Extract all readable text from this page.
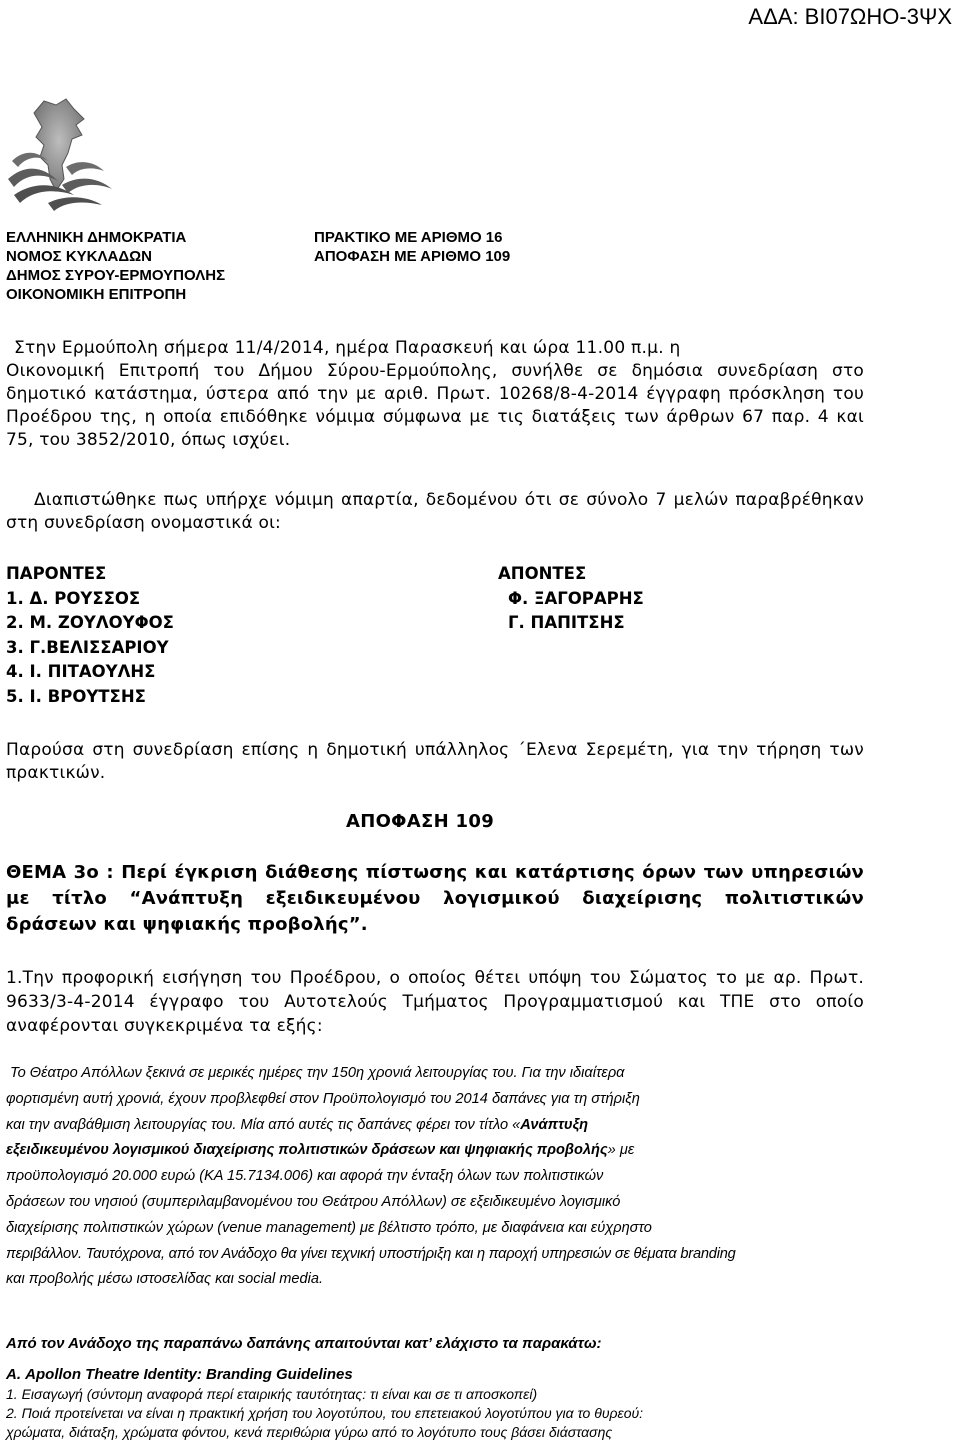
ΑΔΑ: ΒΙ07ΩΗΟ-3ΨΧ
ΕΛΛΗΝΙΚΗ ΔΗΜΟΚΡΑΤΙΑ
ΝΟΜΟΣ ΚΥΚΛΑΔΩΝ
ΔΗΜΟΣ ΣΥΡΟΥ-ΕΡΜΟΥΠΟΛΗΣ
ΟΙΚΟΝΟΜΙΚΗ ΕΠΙΤΡΟΠΗ
ΠΡΑΚΤΙΚΟ ΜΕ ΑΡΙΘΜΟ 16
ΑΠΟΦΑΣΗ ΜΕ ΑΡΙΘΜΟ 109
Στην Ερμούπολη σήμερα 11/4/2014, ημέρα Παρασκευή και ώρα 11.00 π.μ. η
Οικονομική Επιτροπή του Δήμου Σύρου-Ερμούπολης, συνήλθε σε δημόσια συνεδρίαση στο δημοτικό κατάστημα, ύστερα από την με αριθ. Πρωτ. 10268/8-4-2014 έγγραφη πρόσκληση του Προέδρου της, η οποία επιδόθηκε νόμιμα σύμφωνα με τις διατάξεις των άρθρων 67 παρ. 4 και 75, του 3852/2010, όπως ισχύει.
Διαπιστώθηκε πως υπήρχε νόμιμη απαρτία, δεδομένου ότι σε σύνολο 7 μελών παραβρέθηκαν στη συνεδρίαση ονομαστικά οι:
ΠΑΡΟΝΤΕΣ
1. Δ. ΡΟΥΣΣΟΣ
2. Μ. ΖΟΥΛΟΥΦΟΣ
3. Γ.ΒΕΛΙΣΣΑΡΙΟΥ
4. Ι. ΠΙΤΑΟΥΛΗΣ
5. Ι. ΒΡΟΥΤΣΗΣ
ΑΠΟΝΤΕΣ
Φ. ΞΑΓΟΡΑΡΗΣ
Γ. ΠΑΠΙΤΣΗΣ
Παρούσα στη συνεδρίαση επίσης η δημοτική υπάλληλος ΄Ελενα Σερεμέτη, για την τήρηση των πρακτικών.
ΑΠΟΦΑΣΗ 109
ΘΕΜΑ 3ο : Περί έγκριση διάθεσης πίστωσης και κατάρτισης όρων των υπηρεσιών με τίτλο “Ανάπτυξη εξειδικευμένου λογισμικού διαχείρισης πολιτιστικών δράσεων και ψηφιακής προβολής”.
1.Την προφορική εισήγηση του Προέδρου, ο οποίος θέτει υπόψη του Σώματος το με αρ. Πρωτ. 9633/3-4-2014 έγγραφο του Αυτοτελούς Τμήματος Προγραμματισμού και ΤΠΕ στο οποίο αναφέρονται συγκεκριμένα τα εξής:
Το Θέατρο Απόλλων ξεκινά σε μερικές ημέρες την 150η χρονιά λειτουργίας του. Για την ιδιαίτερα
φορτισμένη αυτή χρονιά, έχουν προβλεφθεί στον Προϋπολογισμό του 2014 δαπάνες για τη στήριξη
και την αναβάθμιση λειτουργίας του. Μία από αυτές τις δαπάνες φέρει τον τίτλο «Ανάπτυξη
εξειδικευμένου λογισμικού διαχείρισης πολιτιστικών δράσεων και ψηφιακής προβολής» με
προϋπολογισμό 20.000 ευρώ (ΚΑ 15.7134.006) και αφορά την ένταξη όλων των πολιτιστικών
δράσεων του νησιού (συμπεριλαμβανομένου του Θεάτρου Απόλλων) σε εξειδικευμένο λογισμικό
διαχείρισης πολιτιστικών χώρων (venue management) με βέλτιστο τρόπο, με διαφάνεια και εύχρηστο
περιβάλλον. Ταυτόχρονα, από τον Ανάδοχο θα γίνει τεχνική υποστήριξη και η παροχή υπηρεσιών σε θέματα branding
και προβολής μέσω ιστοσελίδας και social media.
Από τον Ανάδοχο της παραπάνω δαπάνης απαιτούνται κατ’ ελάχιστο τα παρακάτω:
Α. Apollon Theatre Identity: Branding Guidelines
1. Εισαγωγή (σύντομη αναφορά περί εταιρικής ταυτότητας: τι είναι και σε τι αποσκοπεί)
2. Ποιά προτείνεται να είναι η πρακτική χρήση του λογοτύπου, του επετειακού λογοτύπου για το θυρεού:
χρώματα, διάταξη, χρώματα φόντου, κενά περιθώρια γύρω από το λογότυπο τους βάσει διάστασης
